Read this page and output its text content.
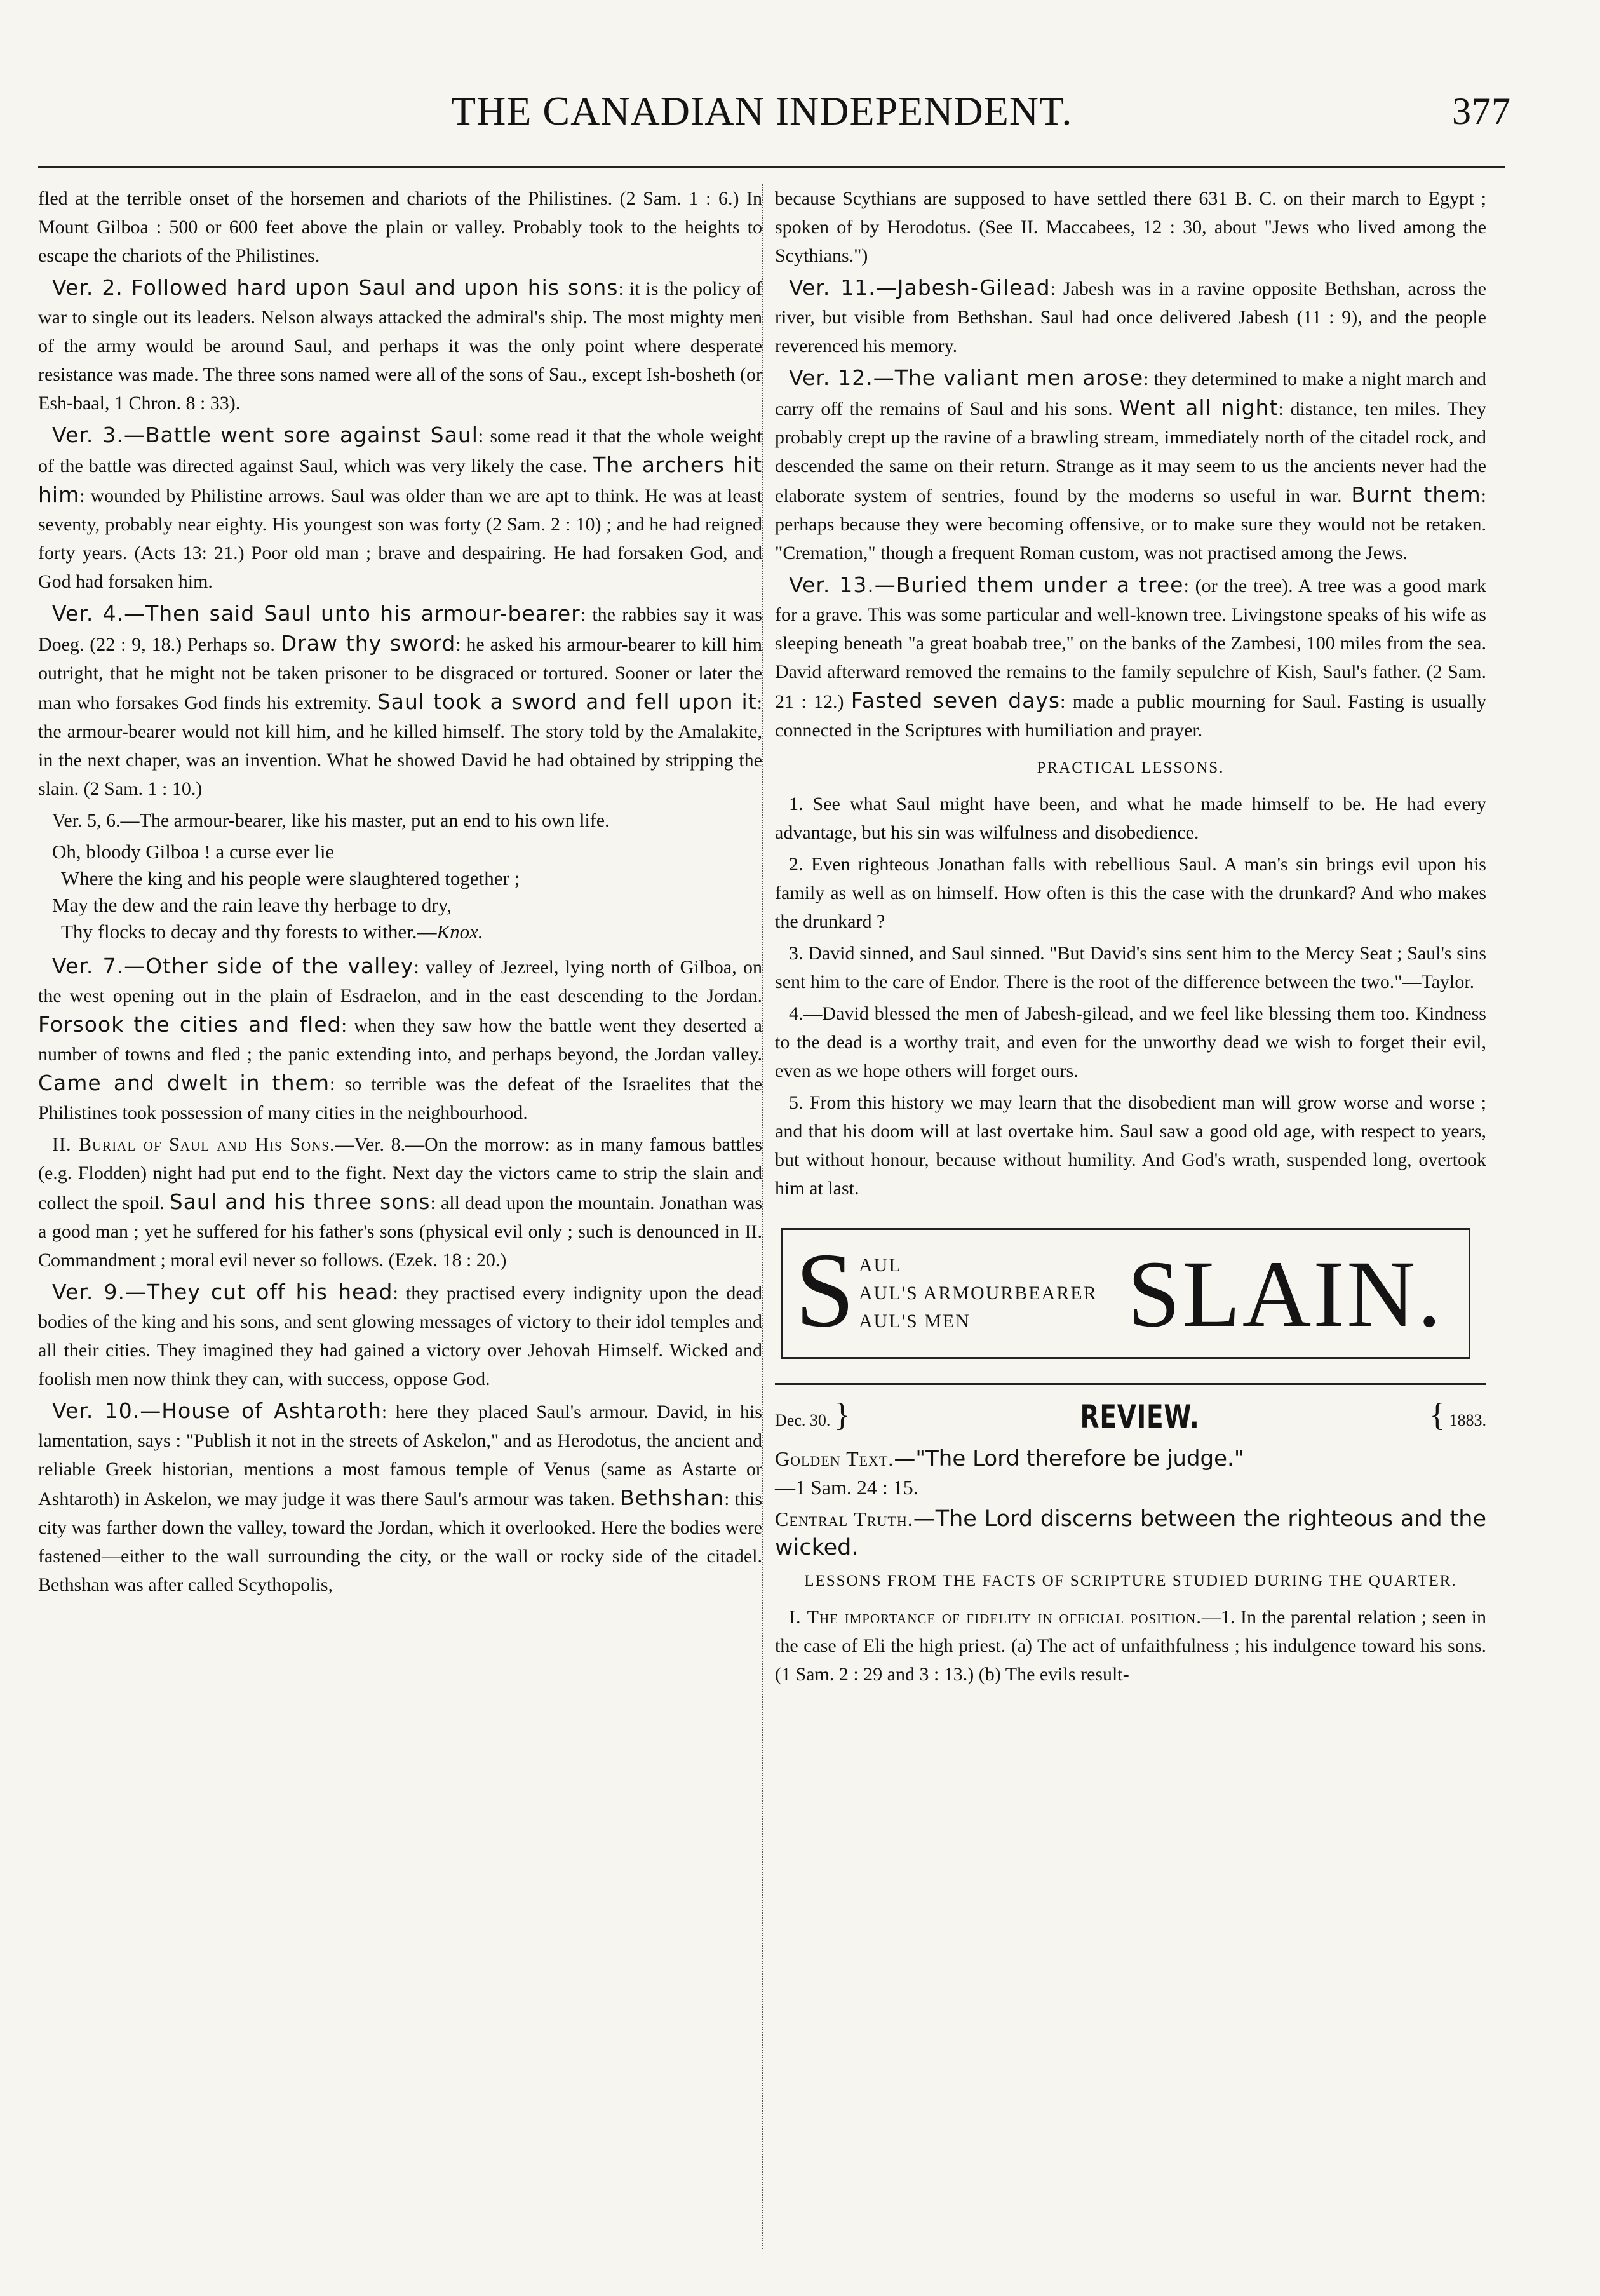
THE CANADIAN INDEPENDENT.	377

fled at the terrible onset of the horsemen and chariots of the Philistines. (2 Sam. 1 : 6.) In Mount Gilboa : 500 or 600 feet above the plain or valley. Probably took to the heights to escape the chariots of the Philistines.

Ver. 2. Followed hard upon Saul and upon his sons: it is the policy of war to single out its leaders. Nelson always attacked the admiral's ship. The most mighty men of the army would be around Saul, and perhaps it was the only point where desperate resistance was made. The three sons named were all of the sons of Sau., except Ish-bosheth (or Esh-baal, 1 Chron. 8 : 33).

Ver. 3.—Battle went sore against Saul: some read it that the whole weight of the battle was directed against Saul, which was very likely the case. The archers hit him: wounded by Philistine arrows. Saul was older than we are apt to think. He was at least seventy, probably near eighty. His youngest son was forty (2 Sam. 2 : 10) ; and he had reigned forty years. (Acts 13: 21.) Poor old man ; brave and despairing. He had forsaken God, and God had forsaken him.

Ver. 4.—Then said Saul unto his armour-bearer: the rabbies say it was Doeg. (22 : 9, 18.) Perhaps so. Draw thy sword: he asked his armour-bearer to kill him outright, that he might not be taken prisoner to be disgraced or tortured. Sooner or later the man who forsakes God finds his extremity. Saul took a sword and fell upon it: the armour-bearer would not kill him, and he killed himself. The story told by the Amalakite, in the next chaper, was an invention. What he showed David he had obtained by stripping the slain. (2 Sam. 1 : 10.)

Ver. 5, 6.—The armour-bearer, like his master, put an end to his own life.

Oh, bloody Gilboa ! a curse ever lie
Where the king and his people were slaughtered together ;
May the dew and the rain leave thy herbage to dry,
Thy flocks to decay and thy forests to wither.—Knox.

Ver. 7.—Other side of the valley: valley of Jezreel, lying north of Gilboa, on the west opening out in the plain of Esdraelon, and in the east descending to the Jordan. Forsook the cities and fled: when they saw how the battle went they deserted a number of towns and fled ; the panic extending into, and perhaps beyond, the Jordan valley. Came and dwelt in them: so terrible was the defeat of the Israelites that the Philistines took possession of many cities in the neighbourhood.

II. Burial of Saul and His Sons.—Ver. 8.—On the morrow: as in many famous battles (e.g. Flodden) night had put end to the fight. Next day the victors came to strip the slain and collect the spoil. Saul and his three sons: all dead upon the mountain. Jonathan was a good man ; yet he suffered for his father's sons (physical evil only ; such is denounced in II. Commandment ; moral evil never so follows. (Ezek. 18 : 20.)

Ver. 9.—They cut off his head: they practised every indignity upon the dead bodies of the king and his sons, and sent glowing messages of victory to their idol temples and all their cities. They imagined they had gained a victory over Jehovah Himself. Wicked and foolish men now think they can, with success, oppose God.

Ver. 10.—House of Ashtaroth: here they placed Saul's armour. David, in his lamentation, says : "Publish it not in the streets of Askelon," and as Herodotus, the ancient and reliable Greek historian, mentions a most famous temple of Venus (same as Astarte or Ashtaroth) in Askelon, we may judge it was there Saul's armour was taken. Bethshan: this city was farther down the valley, toward the Jordan, which it overlooked. Here the bodies were fastened—either to the wall surrounding the city, or the wall or rocky side of the citadel. Bethshan was after called Scythopolis,

because Scythians are supposed to have settled there 631 B. C. on their march to Egypt ; spoken of by Herodotus. (See II. Maccabees, 12 : 30, about "Jews who lived among the Scythians.")

Ver. 11.—Jabesh-Gilead: Jabesh was in a ravine opposite Bethshan, across the river, but visible from Bethshan. Saul had once delivered Jabesh (11 : 9), and the people reverenced his memory.

Ver. 12.—The valiant men arose: they determined to make a night march and carry off the remains of Saul and his sons. Went all night: distance, ten miles. They probably crept up the ravine of a brawling stream, immediately north of the citadel rock, and descended the same on their return. Strange as it may seem to us the ancients never had the elaborate system of sentries, found by the moderns so useful in war. Burnt them: perhaps because they were becoming offensive, or to make sure they would not be retaken. "Cremation," though a frequent Roman custom, was not practised among the Jews.

Ver. 13.—Buried them under a tree: (or the tree). A tree was a good mark for a grave. This was some particular and well-known tree. Livingstone speaks of his wife as sleeping beneath "a great boabab tree," on the banks of the Zambesi, 100 miles from the sea. David afterward removed the remains to the family sepulchre of Kish, Saul's father. (2 Sam. 21 : 12.) Fasted seven days: made a public mourning for Saul. Fasting is usually connected in the Scriptures with humiliation and prayer.

PRACTICAL LESSONS.

1. See what Saul might have been, and what he made himself to be. He had every advantage, but his sin was wilfulness and disobedience.

2. Even righteous Jonathan falls with rebellious Saul. A man's sin brings evil upon his family as well as on himself. How often is this the case with the drunkard? And who makes the drunkard ?

3. David sinned, and Saul sinned. "But David's sins sent him to the Mercy Seat ; Saul's sins sent him to the care of Endor. There is the root of the difference between the two."—Taylor.

4.—David blessed the men of Jabesh-gilead, and we feel like blessing them too. Kindness to the dead is a worthy trait, and even for the unworthy dead we wish to forget their evil, even as we hope others will forget ours.

5. From this history we may learn that the disobedient man will grow worse and worse ; and that his doom will at last overtake him. Saul saw a good old age, with respect to years, but without honour, because without humility. And God's wrath, suspended long, overtook him at last.

S AUL
AUL'S ARMOURBEARER
AUL'S MEN	SLAIN.
Dec. 30. }	REVIEW.	{ 1883.

Golden Text.—"The Lord therefore be judge."
—1 Sam. 24 : 15.

Central Truth.—The Lord discerns between the righteous and the wicked.

LESSONS FROM THE FACTS OF SCRIPTURE STUDIED DURING THE QUARTER.

I. The importance of fidelity in official position.—1. In the parental relation ; seen in the case of Eli the high priest. (a) The act of unfaithfulness ; his indulgence toward his sons. (1 Sam. 2 : 29 and 3 : 13.) (b) The evils result-
